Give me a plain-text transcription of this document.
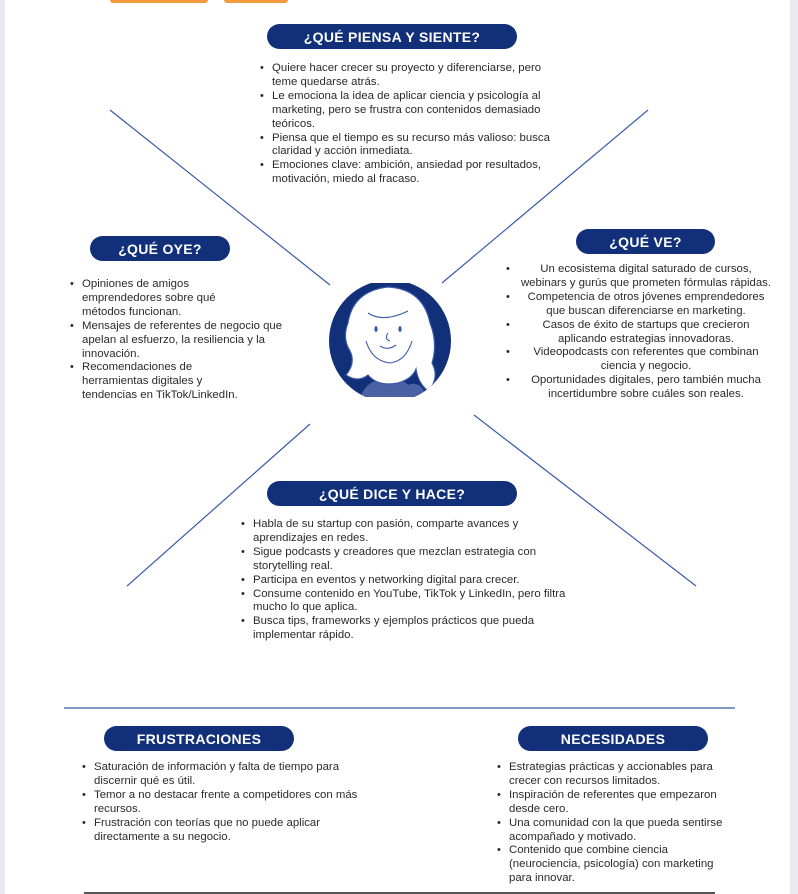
¿QUÉ PIENSA Y SIENTE?
• Quiere hacer crecer su proyecto y diferenciarse, pero teme quedarse atrás.
• Le emociona la idea de aplicar ciencia y psicología al marketing, pero se frustra con contenidos demasiado teóricos.
• Piensa que el tiempo es su recurso más valioso: busca claridad y acción inmediata.
• Emociones clave: ambición, ansiedad por resultados, motivación, miedo al fracaso.
¿QUÉ OYE?
• Opiniones de amigos emprendedores sobre qué métodos funcionan.
• Mensajes de referentes de negocio que apelan al esfuerzo, la resiliencia y la innovación.
• Recomendaciones de herramientas digitales y tendencias en TikTok/LinkedIn.
¿QUÉ VE?
• Un ecosistema digital saturado de cursos, webinars y gurús que prometen fórmulas rápidas.
• Competencia de otros jóvenes emprendedores que buscan diferenciarse en marketing.
• Casos de éxito de startups que crecieron aplicando estrategias innovadoras.
• Videopodcasts con referentes que combinan ciencia y negocio.
• Oportunidades digitales, pero también mucha incertidumbre sobre cuáles son reales.
¿QUÉ DICE Y HACE?
• Habla de su startup con pasión, comparte avances y aprendizajes en redes.
• Sigue podcasts y creadores que mezclan estrategia con storytelling real.
• Participa en eventos y networking digital para crecer.
• Consume contenido en YouTube, TikTok y LinkedIn, pero filtra mucho lo que aplica.
• Busca tips, frameworks y ejemplos prácticos que pueda implementar rápido.
FRUSTRACIONES
• Saturación de información y falta de tiempo para discernir qué es útil.
• Temor a no destacar frente a competidores con más recursos.
• Frustración con teorías que no puede aplicar directamente a su negocio.
NECESIDADES
• Estrategias prácticas y accionables para crecer con recursos limitados.
• Inspiración de referentes que empezaron desde cero.
• Una comunidad con la que pueda sentirse acompañado y motivado.
• Contenido que combine ciencia (neurociencia, psicología) con marketing para innovar.
